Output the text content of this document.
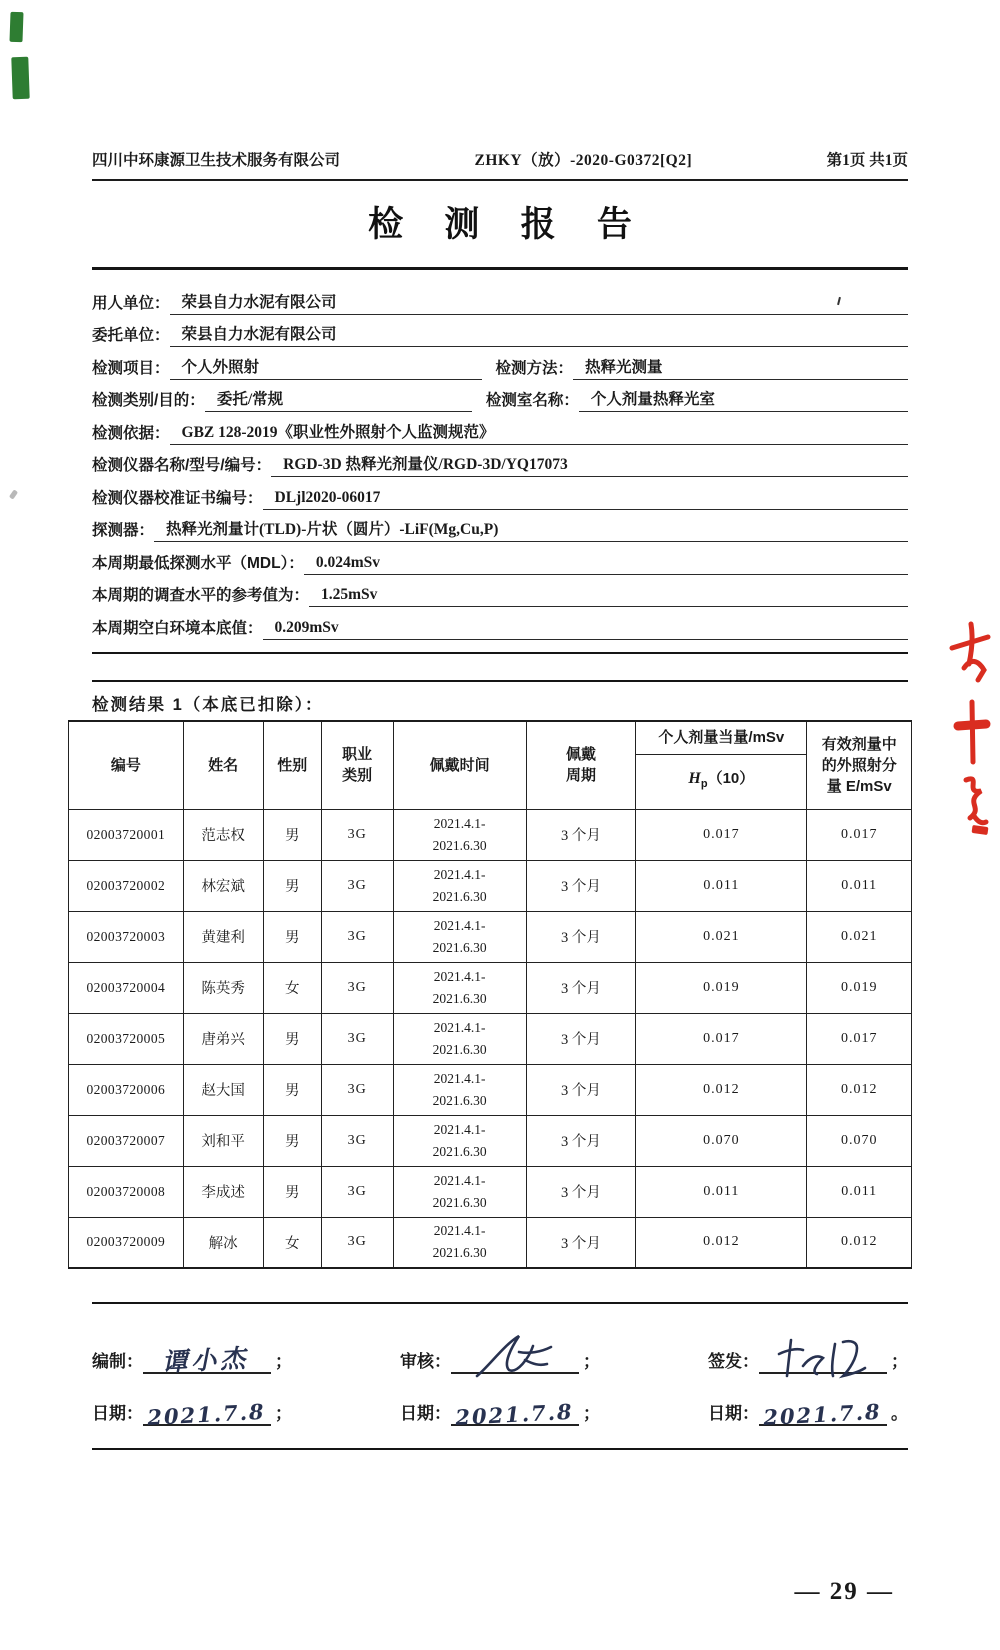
四川中环康源卫生技术服务有限公司	ZHKY（放）-2020-G0372[Q2]	第1页 共1页
检 测 报 告
用人单位： 荣县自力水泥有限公司
委托单位： 荣县自力水泥有限公司
检测项目： 个人外照射	检测方法： 热释光测量
检测类别/目的： 委托/常规	检测室名称： 个人剂量热释光室
检测依据： GBZ 128-2019《职业性外照射个人监测规范》
检测仪器名称/型号/编号： RGD-3D 热释光剂量仪/RGD-3D/YQ17073
检测仪器校准证书编号： DLjl2020-06017
探测器： 热释光剂量计(TLD)-片状（圆片）-LiF(Mg,Cu,P)
本周期最低探测水平（MDL）： 0.024mSv
本周期的调查水平的参考值为： 1.25mSv
本周期空白环境本底值： 0.209mSv
检测结果 1（本底已扣除）：
编号	姓名	性别	职业类别	佩戴时间	佩戴周期	个人剂量当量/mSv	有效剂量中
的外照射分
量 E/mSv

						$H_p(10)$	
02003720001	范志权	男	3G	2021.4.1-
2021.6.30	3 个月	0.017	0.017
02003720002	林宏斌	男	3G	2021.4.1-
2021.6.30	3 个月	0.011	0.011
02003720003	黄建利	男	3G	2021.4.1-
2021.6.30	3 个月	0.021	0.021
02003720004	陈英秀	女	3G	2021.4.1-
2021.6.30	3 个月	0.019	0.019
02003720005	唐弟兴	男	3G	2021.4.1-
2021.6.30	3 个月	0.017	0.017
02003720006	赵大国	男	3G	2021.4.1-
2021.6.30	3 个月	0.012	0.012
02003720007	刘和平	男	3G	2021.4.1-
2021.6.30	3 个月	0.070	0.070
02003720008	李成述	男	3G	2021.4.1-
2021.6.30	3 个月	0.011	0.011
02003720009	解冰	女	3G	2021.4.1-
2021.6.30	3 个月	0.012	0.012
编制： 谭小杰 ；	审核：	；	签发：	；
日期： 2021.7.8 ；	日期： 2021.7.8 ；	日期： 2021.7.8 。
— 29 —
